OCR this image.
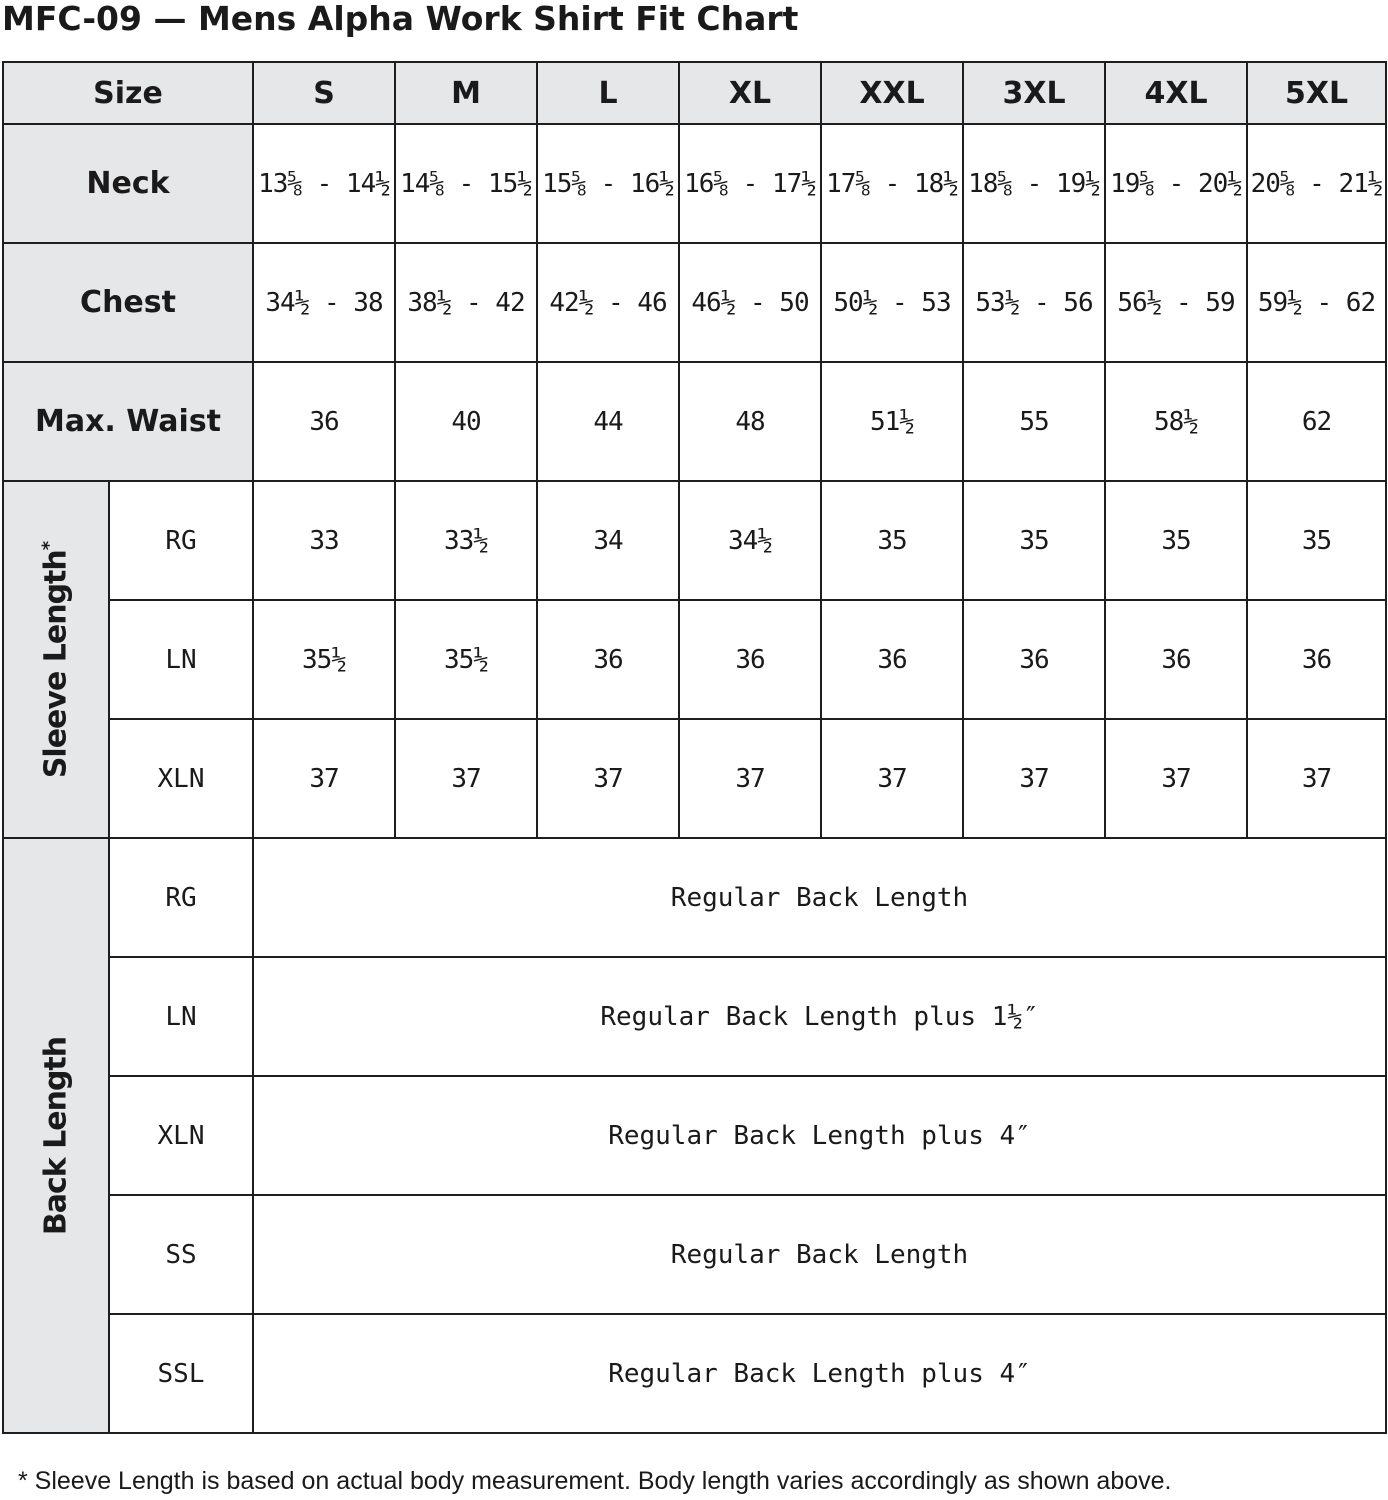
MFC-09 — Mens Alpha Work Shirt Fit Chart
Size		S	M	L	XL	XXL	3XL	4XL	5XL
Neck		13⅝ - 14½	14⅝ - 15½	15⅝ - 16½	16⅝ - 17½	17⅝ - 18½	18⅝ - 19½	19⅝ - 20½	20⅝ - 21½
Chest		34½ - 38	38½ - 42	42½ - 46	46½ - 50	50½ - 53	53½ - 56	56½ - 59	59½ - 62
Max. Waist		36	40	44	48	51½	55	58½	62

Sleeve Length*	RG	33	33½	34	34½	35	35	35	35
	LN	35½	35½	36	36	36	36	36	36
	XLN	37	37	37	37	37	37	37	37

Back Length	RG	Regular Back Length							
	LN	Regular Back Length plus 1½″							
	XLN	Regular Back Length plus 4″							
	SS	Regular Back Length							
	SSL	Regular Back Length plus 4″							
* Sleeve Length is based on actual body measurement. Body length varies accordingly as shown above.
